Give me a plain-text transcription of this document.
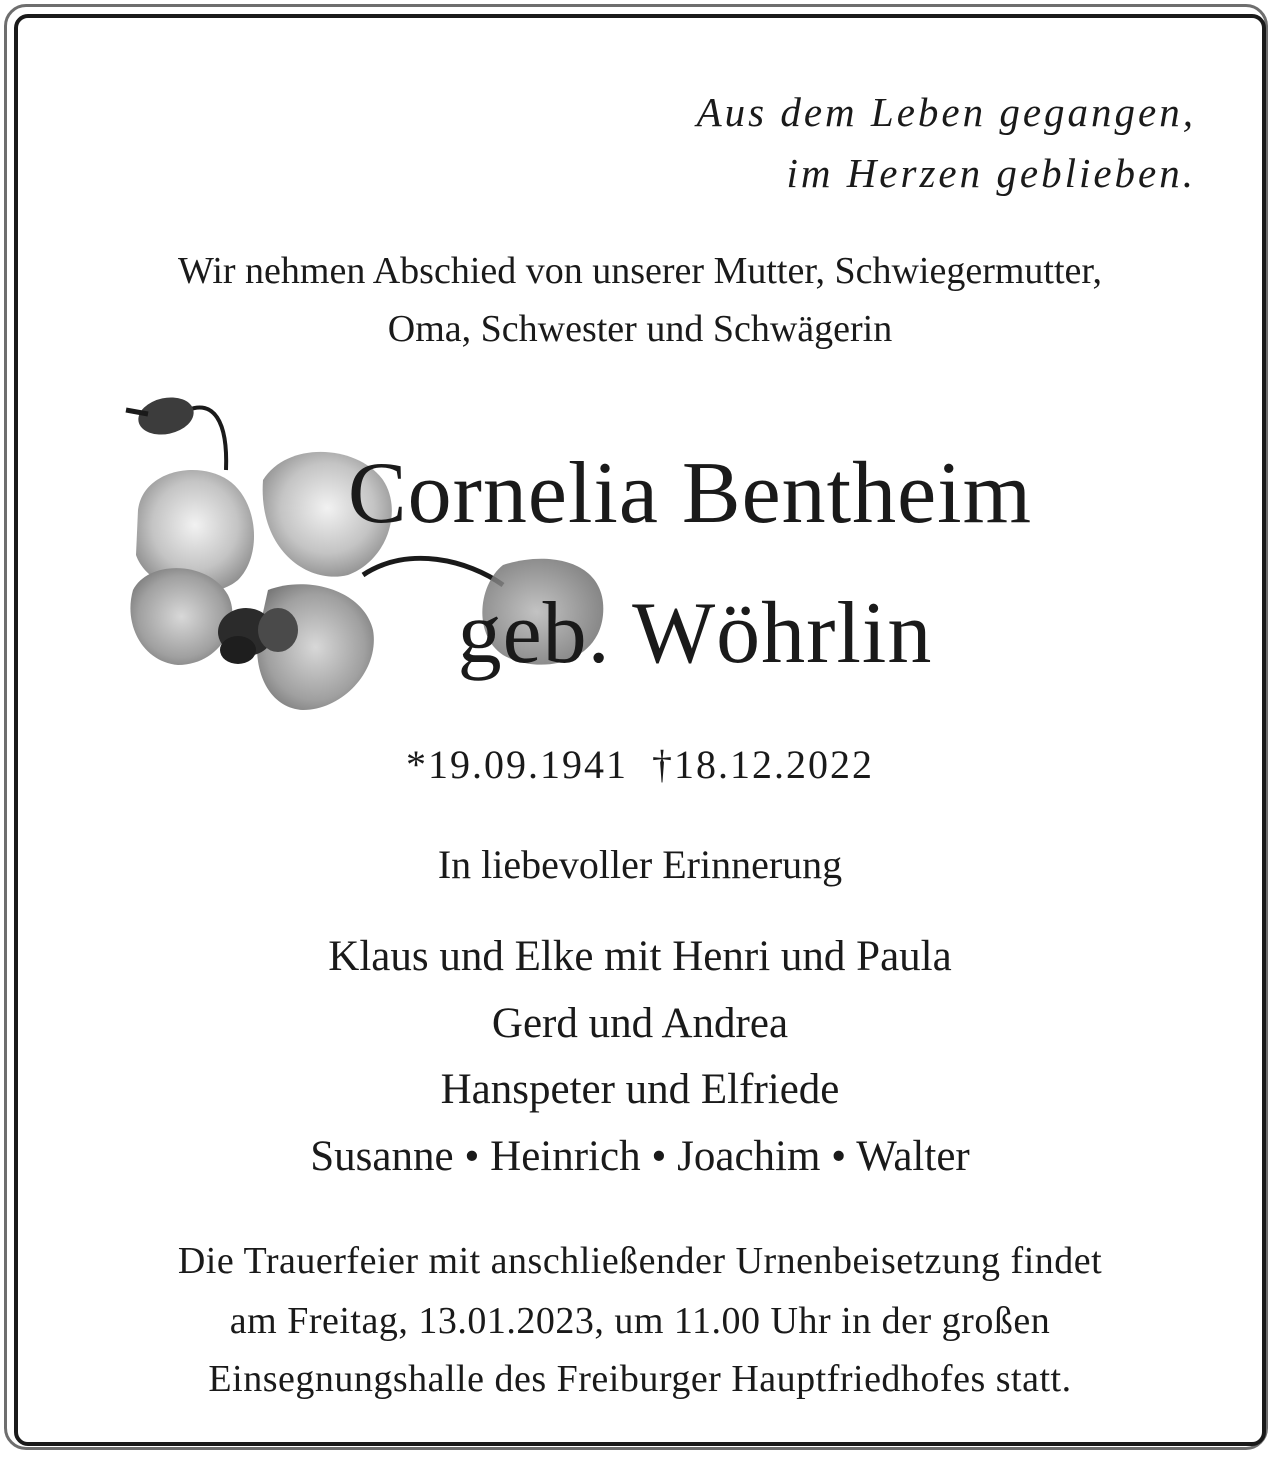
Aus dem Leben gegangen,

im Herzen geblieben.

Wir nehmen Abschied von unserer Mutter, Schwiegermutter,

Oma, Schwester und Schwägerin

Cornelia Bentheim

geb. Wöhrlin

*19.09.1941  †18.12.2022

In liebevoller Erinnerung

Klaus und Elke mit Henri und Paula

Gerd und Andrea

Hanspeter und Elfriede

Susanne • Heinrich • Joachim • Walter

Die Trauerfeier mit anschließender Urnenbeisetzung findet

am Freitag, 13.01.2023, um 11.00 Uhr in der großen

Einsegnungshalle des Freiburger Hauptfriedhofes statt.
